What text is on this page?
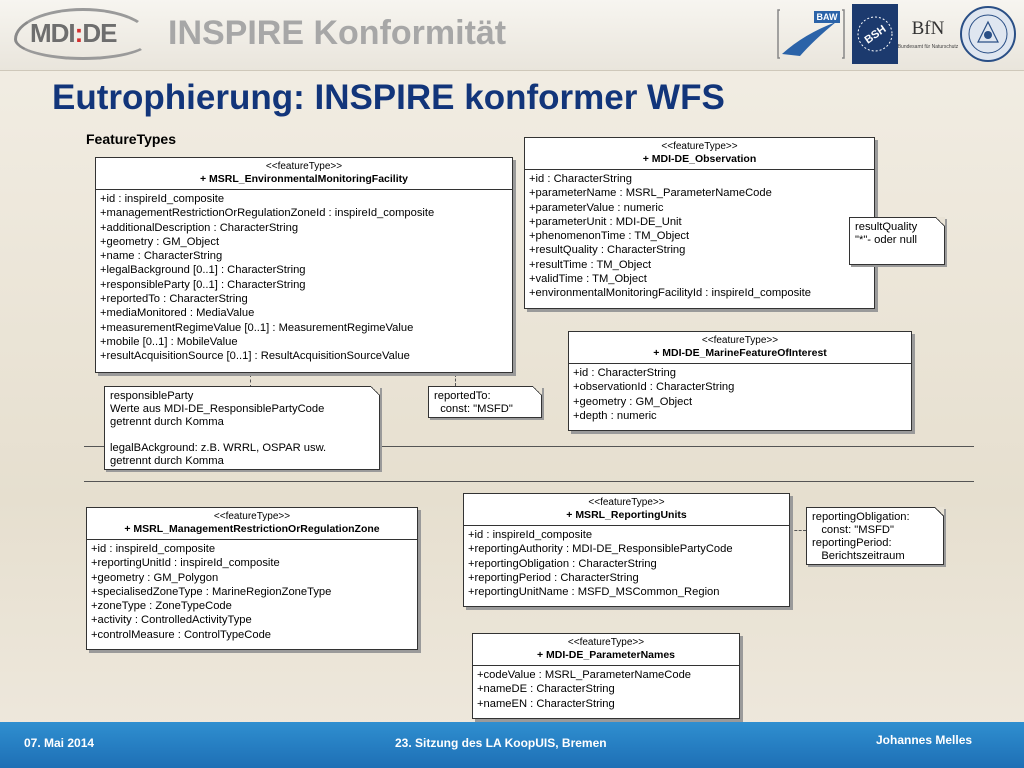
MDI:DE INSPIRE Konformität	BAW
BSH BfN
Bundesamt für Naturschutz
Eutrophierung: INSPIRE konformer WFS
FeatureTypes
<<featureType>>
+ MSRL_EnvironmentalMonitoringFacility
+id : inspireId_composite
+managementRestrictionOrRegulationZoneId : inspireId_composite
+additionalDescription : CharacterString
+geometry : GM_Object
+name : CharacterString
+legalBackground [0..1] : CharacterString
+responsibleParty [0..1] : CharacterString
+reportedTo : CharacterString
+mediaMonitored : MediaValue
+measurementRegimeValue [0..1] : MeasurementRegimeValue
+mobile [0..1] : MobileValue
+resultAcquisitionSource [0..1] : ResultAcquisitionSourceValue
<<featureType>>
+ MDI-DE_Observation
+id : CharacterString
+parameterName : MSRL_ParameterNameCode
+parameterValue : numeric
+parameterUnit : MDI-DE_Unit
+phenomenonTime : TM_Object
+resultQuality : CharacterString
+resultTime : TM_Object
+validTime : TM_Object
+environmentalMonitoringFacilityId : inspireId_composite
<<featureType>>
+ MDI-DE_MarineFeatureOfInterest
+id : CharacterString
+observationId : CharacterString
+geometry : GM_Object
+depth : numeric
<<featureType>>
+ MSRL_ManagementRestrictionOrRegulationZone
+id : inspireId_composite
+reportingUnitId : inspireId_composite
+geometry : GM_Polygon
+specialisedZoneType : MarineRegionZoneType
+zoneType : ZoneTypeCode
+activity : ControlledActivityType
+controlMeasure : ControlTypeCode
<<featureType>>
+ MSRL_ReportingUnits
+id : inspireId_composite
+reportingAuthority : MDI-DE_ResponsiblePartyCode
+reportingObligation : CharacterString
+reportingPeriod : CharacterString
+reportingUnitName : MSFD_MSCommon_Region
<<featureType>>
+ MDI-DE_ParameterNames
+codeValue : MSRL_ParameterNameCode
+nameDE : CharacterString
+nameEN : CharacterString
responsibleParty
Werte aus MDI-DE_ResponsiblePartyCode
getrennt durch Komma
legalBAckground: z.B. WRRL, OSPAR usw.
getrennt durch Komma
reportedTo:
const: "MSFD"
resultQuality
"*"- oder null
reportingObligation:
const: "MSFD"
reportingPeriod:
Berichtszeitraum
07. Mai 2014	23. Sitzung des LA KoopUIS, Bremen	Johannes Melles
